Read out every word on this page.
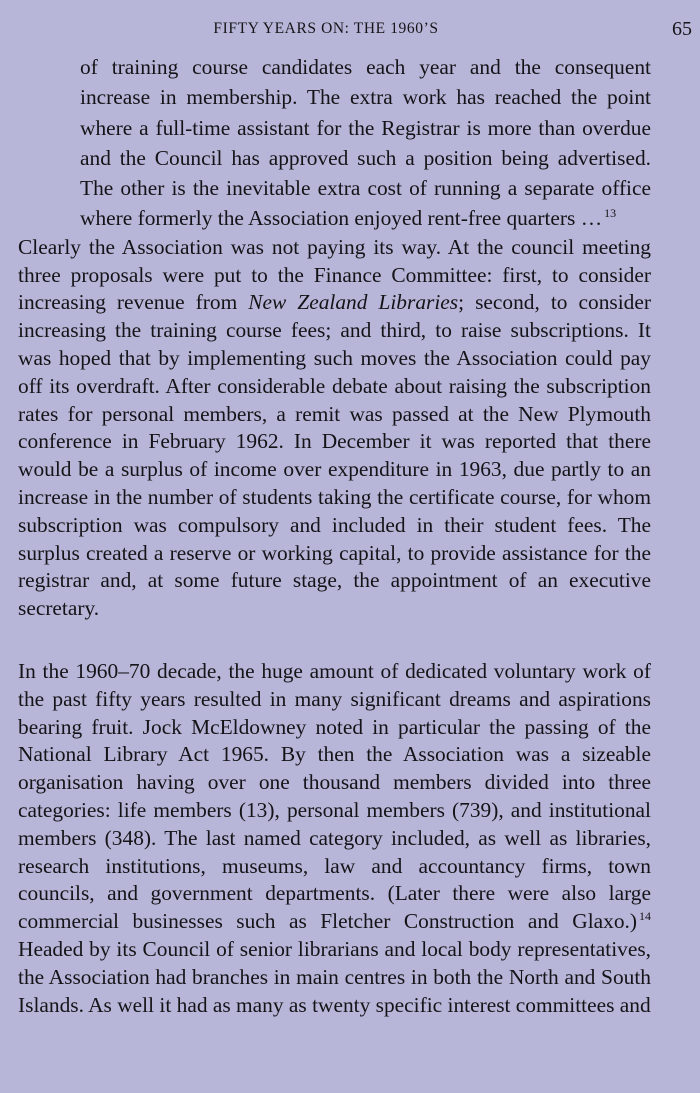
FIFTY YEARS ON: THE 1960’S	65

of training course candidates each year and the consequent increase in membership. The extra work has reached the point where a full-time assistant for the Registrar is more than overdue and the Council has approved such a position being advertised. The other is the inevitable extra cost of running a separate office where formerly the Association enjoyed rent-free quarters … $^{13}$

Clearly the Association was not paying its way. At the council meeting three proposals were put to the Finance Committee: first, to consider increasing revenue from New Zealand Libraries; second, to consider increasing the training course fees; and third, to raise subscriptions. It was hoped that by implementing such moves the Association could pay off its overdraft. After considerable debate about raising the subscription rates for personal members, a remit was passed at the New Plymouth conference in February 1962. In December it was reported that there would be a surplus of income over expenditure in 1963, due partly to an increase in the number of students taking the certificate course, for whom subscription was compulsory and included in their student fees. The surplus created a reserve or working capital, to provide assistance for the registrar and, at some future stage, the appointment of an executive secretary.

In the 1960–70 decade, the huge amount of dedicated voluntary work of the past fifty years resulted in many significant dreams and aspirations bearing fruit. Jock McEldowney noted in particular the passing of the National Library Act 1965. By then the Association was a sizeable organisation having over one thousand members divided into three categories: life members (13), personal members (739), and institutional members (348). The last named category included, as well as libraries, research institutions, museums, law and accountancy firms, town councils, and government departments. (Later there were also large commercial businesses such as Fletcher Construction and Glaxo.) $^{14}$ Headed by its Council of senior librarians and local body representatives, the Association had branches in main centres in both the North and South Islands. As well it had as many as twenty specific interest committees and
